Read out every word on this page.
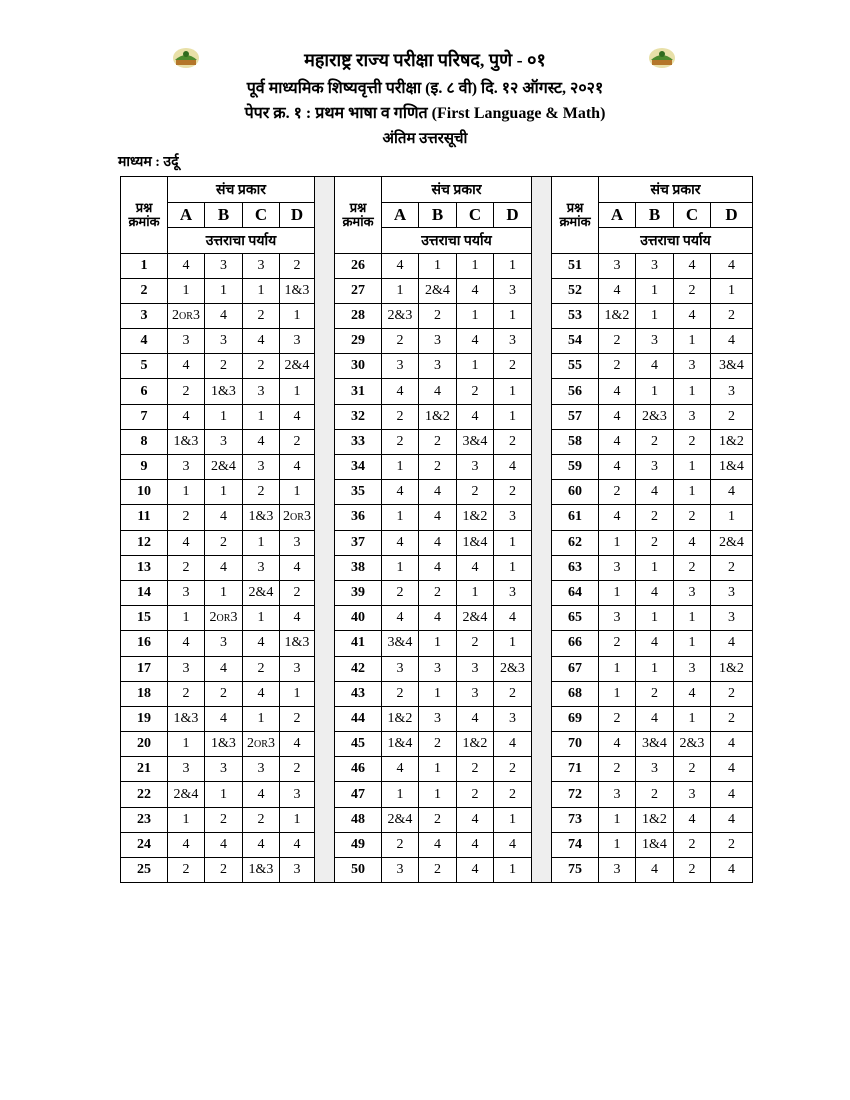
महाराष्ट्र राज्य परीक्षा परिषद, पुणे - ०१
पूर्व माध्यमिक शिष्यवृत्ती परीक्षा (इ. ८ वी) दि. १२ ऑगस्ट, २०२१
पेपर क्र. १ : प्रथम भाषा व गणित (First Language & Math)
अंतिम उत्तरसूची
माध्यम : उर्दू
प्रश्न क्रमांक	संच प्रकार			
	A	B	C	D
	उत्तराचा पर्याय			
1	4	3	3	2
2	1	1	1	1&3
3	2or3	4	2	1
4	3	3	4	3
5	4	2	2	2&4
6	2	1&3	3	1
7	4	1	1	4
8	1&3	3	4	2
9	3	2&4	3	4
10	1	1	2	1
11	2	4	1&3	2or3
12	4	2	1	3
13	2	4	3	4
14	3	1	2&4	2
15	1	2or3	1	4
16	4	3	4	1&3
17	3	4	2	3
18	2	2	4	1
19	1&3	4	1	2
20	1	1&3	2or3	4
21	3	3	3	2
22	2&4	1	4	3
23	1	2	2	1
24	4	4	4	4
25	2	2	1&3	3
प्रश्न क्रमांक	संच प्रकार			
	A	B	C	D
	उत्तराचा पर्याय			
26	4	1	1	1
27	1	2&4	4	3
28	2&3	2	1	1
29	2	3	4	3
30	3	3	1	2
31	4	4	2	1
32	2	1&2	4	1
33	2	2	3&4	2
34	1	2	3	4
35	4	4	2	2
36	1	4	1&2	3
37	4	4	1&4	1
38	1	4	4	1
39	2	2	1	3
40	4	4	2&4	4
41	3&4	1	2	1
42	3	3	3	2&3
43	2	1	3	2
44	1&2	3	4	3
45	1&4	2	1&2	4
46	4	1	2	2
47	1	1	2	2
48	2&4	2	4	1
49	2	4	4	4
50	3	2	4	1
प्रश्न क्रमांक	संच प्रकार			
	A	B	C	D
	उत्तराचा पर्याय			
51	3	3	4	4
52	4	1	2	1
53	1&2	1	4	2
54	2	3	1	4
55	2	4	3	3&4
56	4	1	1	3
57	4	2&3	3	2
58	4	2	2	1&2
59	4	3	1	1&4
60	2	4	1	4
61	4	2	2	1
62	1	2	4	2&4
63	3	1	2	2
64	1	4	3	3
65	3	1	1	3
66	2	4	1	4
67	1	1	3	1&2
68	1	2	4	2
69	2	4	1	2
70	4	3&4	2&3	4
71	2	3	2	4
72	3	2	3	4
73	1	1&2	4	4
74	1	1&4	2	2
75	3	4	2	4
